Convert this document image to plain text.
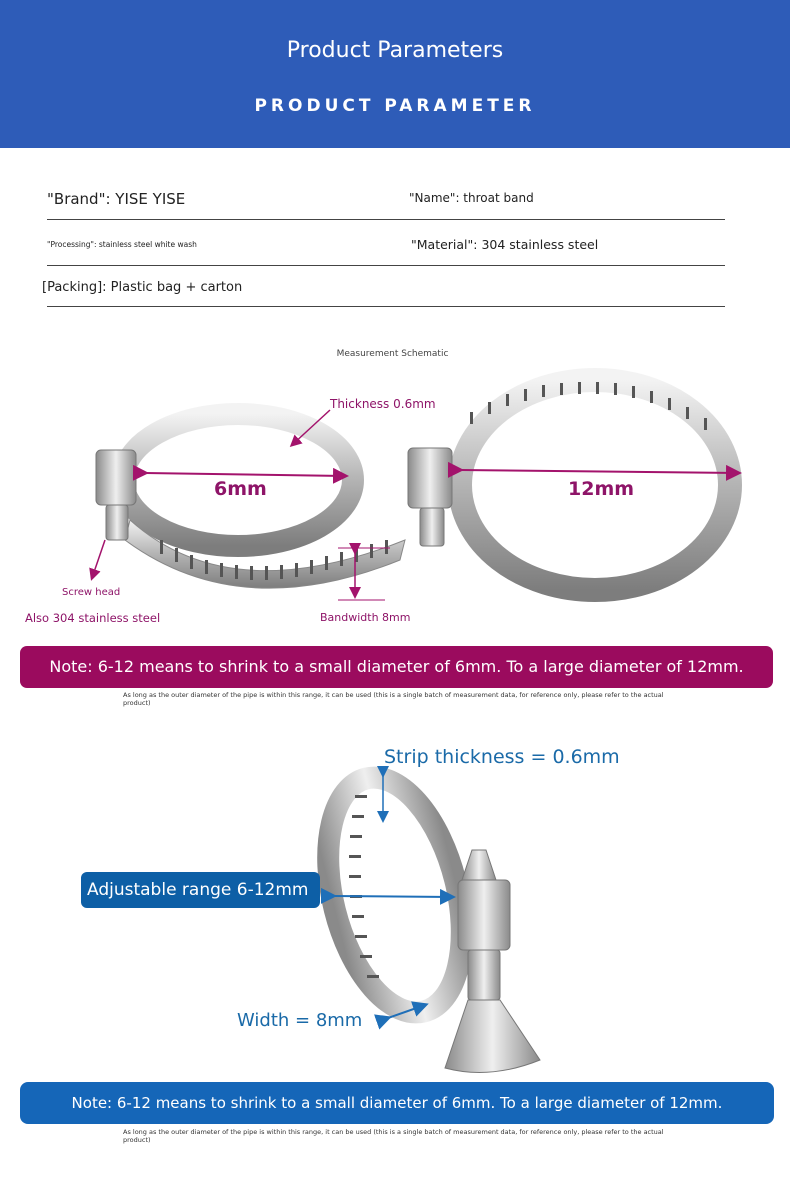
Product Parameters
PRODUCT PARAMETER
"Brand": YISE YISE	"Name": throat band
"Processing": stainless steel white wash	"Material": 304 stainless steel
[Packing]: Plastic bag + carton
Measurement Schematic
Thickness 0.6mm
6mm	12mm
Screw head
Also 304 stainless steel	Bandwidth 8mm
Note: 6-12 means to shrink to a small diameter of 6mm. To a large diameter of 12mm.
As long as the outer diameter of the pipe is within this range, it can be used (this is a single batch of measurement data, for reference only, please refer to the actual product)
Strip thickness = 0.6mm
Adjustable range 6-12mm
Width = 8mm
Note: 6-12 means to shrink to a small diameter of 6mm. To a large diameter of 12mm.
As long as the outer diameter of the pipe is within this range, it can be used (this is a single batch of measurement data, for reference only, please refer to the actual product)
